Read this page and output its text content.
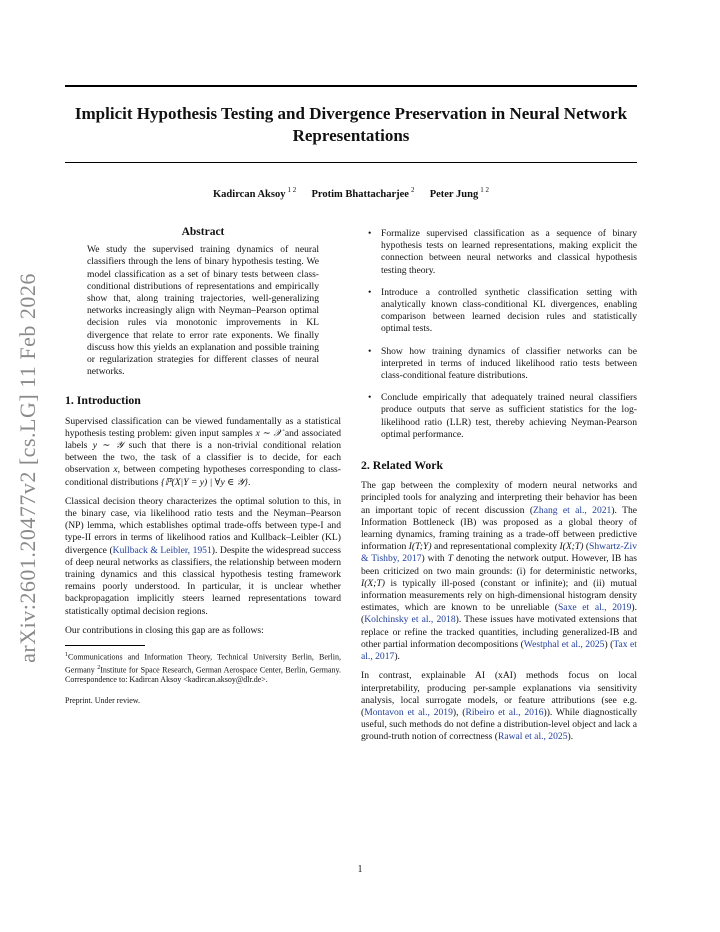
arXiv:2601.20477v2 [cs.LG] 11 Feb 2026
Implicit Hypothesis Testing and Divergence Preservation in Neural Network Representations
Kadircan Aksoy $^{1 2}$ Protim Bhattacharjee $^2$ Peter Jung $^{1 2}$
Abstract
We study the supervised training dynamics of neural classifiers through the lens of binary hypothesis testing. We model classification as a set of binary tests between class-conditional distributions of representations and empirically show that, along training trajectories, well-generalizing networks increasingly align with Neyman–Pearson optimal decision rules via monotonic improvements in KL divergence that relate to error rate exponents. We finally discuss how this yields an explanation and possible training or regularization strategies for different classes of neural networks.
1. Introduction

Supervised classification can be viewed fundamentally as a statistical hypothesis testing problem: given input samples x ∼ 𝒳 and associated labels y ∼ 𝒴 such that there is a non-trivial conditional relation between the two, the task of a classifier is to decide, for each observation x, between competing hypotheses corresponding to class-conditional distributions {ℙ(X|Y = y) | ∀y ∈ 𝒴}.

Classical decision theory characterizes the optimal solution to this, in the binary case, via likelihood ratio tests and the Neyman–Pearson (NP) lemma, which establishes optimal trade-offs between type-I and type-II errors in terms of likelihood ratios and Kullback–Leibler (KL) divergence (Kullback & Leibler, 1951). Despite the widespread success of deep neural networks as classifiers, the relationship between modern training dynamics and this classical hypothesis testing framework remains poorly understood. In particular, it is unclear whether backpropagation implicitly steers learned representations toward statistically optimal decision regions.

Our contributions in closing this gap are as follows:

$^1$Communications and Information Theory, Technical University Berlin, Berlin, Germany $^2$Institute for Space Research, German Aerospace Center, Berlin, Germany. Correspondence to: Kadircan Aksoy <kadircan.aksoy@dlr.de>.
Preprint. Under review.
• Formalize supervised classification as a sequence of binary hypothesis tests on learned representations, making explicit the connection between neural networks and classical hypothesis testing theory.
• Introduce a controlled synthetic classification setting with analytically known class-conditional KL divergences, enabling comparison between learned decision rules and statistically optimal tests.
• Show how training dynamics of classifier networks can be interpreted in terms of induced likelihood ratio tests between class-conditional feature distributions.
• Conclude empirically that adequately trained neural classifiers produce outputs that serve as sufficient statistics for the log-likelihood ratio (LLR) test, thereby achieving Neyman-Pearson optimal performance.
2. Related Work

The gap between the complexity of modern neural networks and principled tools for analyzing and interpreting their behavior has been an important topic of recent discussion (Zhang et al., 2021). The Information Bottleneck (IB) was proposed as a global theory of learning dynamics, framing training as a trade-off between predictive information I(T;Y) and representational complexity I(X;T) (Shwartz-Ziv & Tishby, 2017) with T denoting the network output. However, IB has been criticized on two main grounds: (i) for deterministic networks, I(X;T) is typically ill-posed (constant or infinite); and (ii) mutual information measurements rely on high-dimensional histogram density estimates, which are known to be unreliable (Saxe et al., 2019). (Kolchinsky et al., 2018). These issues have motivated extensions that replace or refine the tracked quantities, including generalized-IB and other partial information decompositions (Westphal et al., 2025) (Tax et al., 2017).

In contrast, explainable AI (xAI) methods focus on local interpretability, producing per-sample explanations via sensitivity analysis, local surrogate models, or feature attributions (see e.g. (Montavon et al., 2019), (Ribeiro et al., 2016)). While diagnostically useful, such methods do not define a distribution-level object and lack a ground-truth notion of correctness (Rawal et al., 2025).

1
